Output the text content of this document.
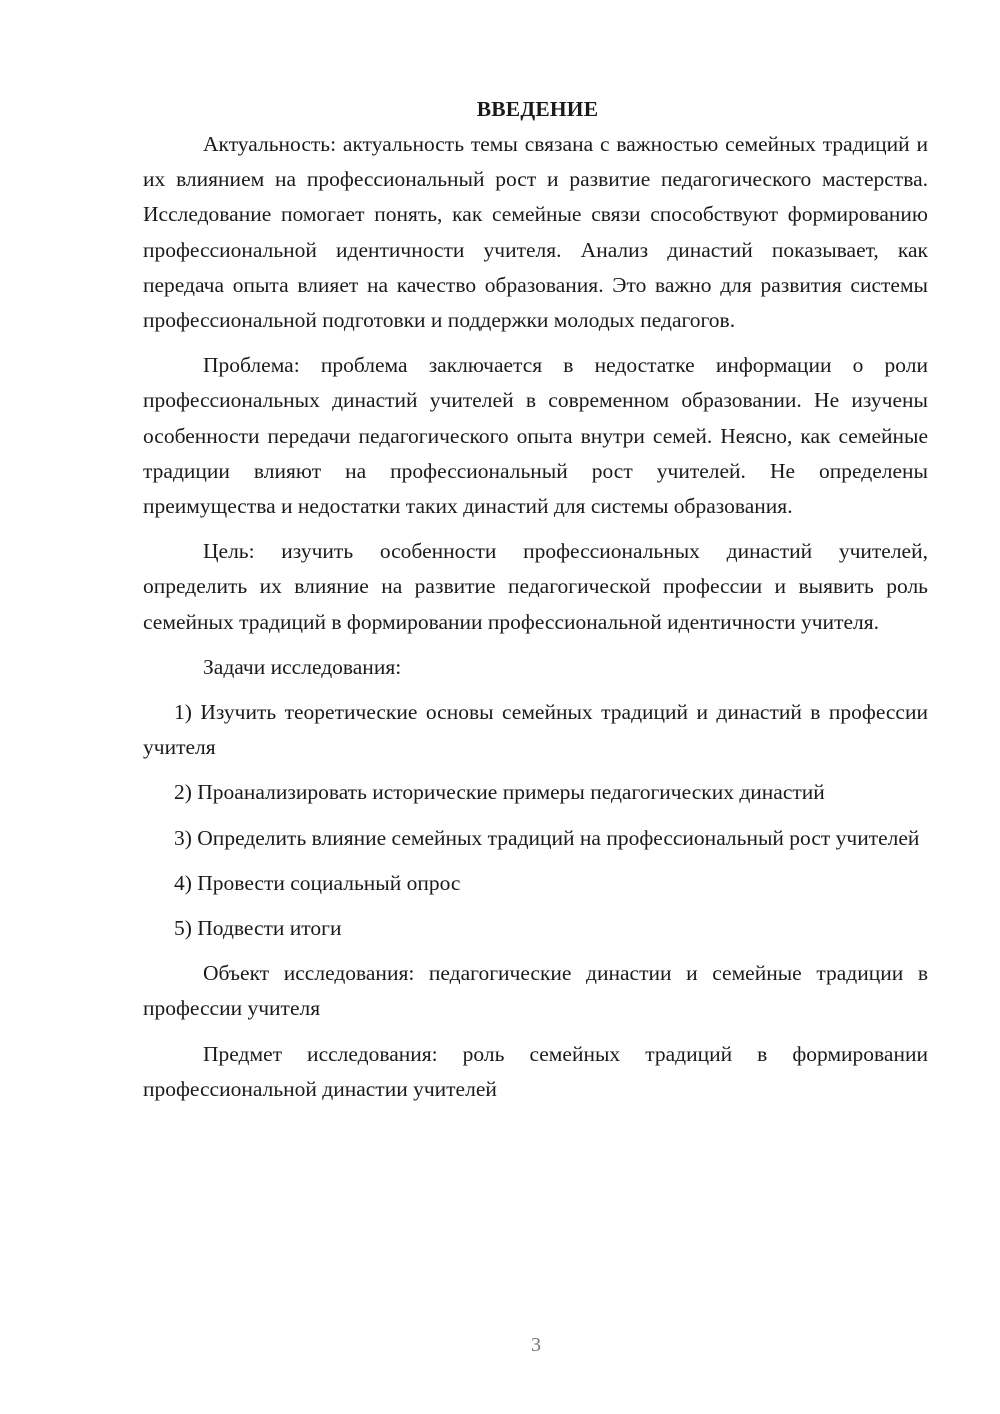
ВВЕДЕНИЕ

Актуальность: актуальность темы связана с важностью семейных традиций и их влиянием на профессиональный рост и развитие педагогического мастерства. Исследование помогает понять, как семейные связи способствуют формированию профессиональной идентичности учителя. Анализ династий показывает, как передача опыта влияет на качество образования. Это важно для развития системы профессиональной подготовки и поддержки молодых педагогов.

Проблема: проблема заключается в недостатке информации о роли профессиональных династий учителей в современном образовании. Не изучены особенности передачи педагогического опыта внутри семей. Неясно, как семейные традиции влияют на профессиональный рост учителей. Не определены преимущества и недостатки таких династий для системы образования.

Цель: изучить особенности профессиональных династий учителей, определить их влияние на развитие педагогической профессии и выявить роль семейных традиций в формировании профессиональной идентичности учителя.

Задачи исследования:

1) Изучить теоретические основы семейных традиций и династий в профессии учителя

2) Проанализировать исторические примеры педагогических династий

3) Определить влияние семейных традиций на профессиональный рост учителей

4) Провести социальный опрос

5) Подвести итоги

Объект исследования: педагогические династии и семейные традиции в профессии учителя

Предмет исследования: роль семейных традиций в формировании профессиональной династии учителей

3
